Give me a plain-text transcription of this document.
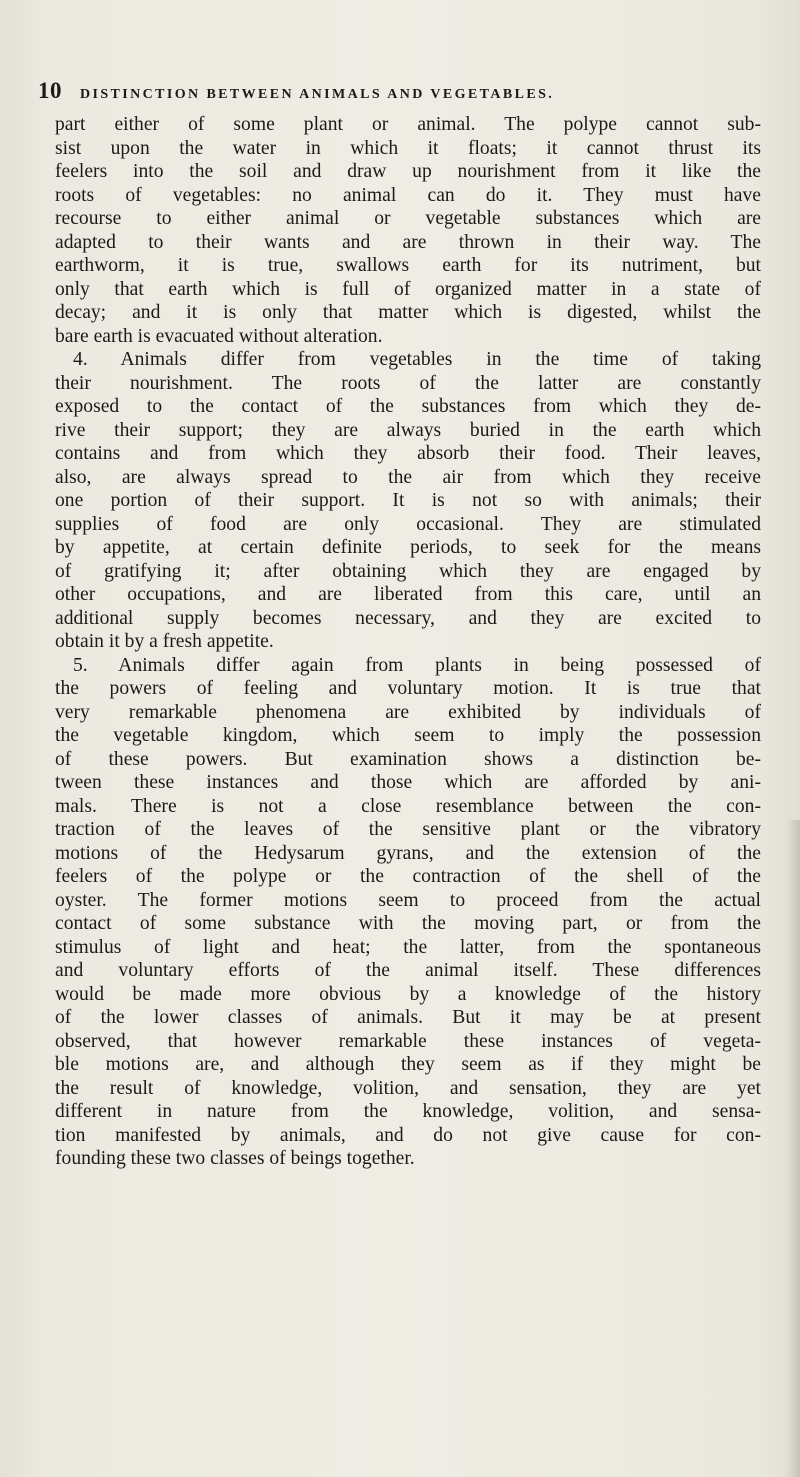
10 DISTINCTION BETWEEN ANIMALS AND VEGETABLES.
part either of some plant or animal. The polype cannot sub-
sist upon the water in which it floats; it cannot thrust its
feelers into the soil and draw up nourishment from it like the
roots of vegetables: no animal can do it. They must have
recourse to either animal or vegetable substances which are
adapted to their wants and are thrown in their way. The
earthworm, it is true, swallows earth for its nutriment, but
only that earth which is full of organized matter in a state of
decay; and it is only that matter which is digested, whilst the
bare earth is evacuated without alteration.
4. Animals differ from vegetables in the time of taking
their nourishment. The roots of the latter are constantly
exposed to the contact of the substances from which they de-
rive their support; they are always buried in the earth which
contains and from which they absorb their food. Their leaves,
also, are always spread to the air from which they receive
one portion of their support. It is not so with animals; their
supplies of food are only occasional. They are stimulated
by appetite, at certain definite periods, to seek for the means
of gratifying it; after obtaining which they are engaged by
other occupations, and are liberated from this care, until an
additional supply becomes necessary, and they are excited to
obtain it by a fresh appetite.
5. Animals differ again from plants in being possessed of
the powers of feeling and voluntary motion. It is true that
very remarkable phenomena are exhibited by individuals of
the vegetable kingdom, which seem to imply the possession
of these powers. But examination shows a distinction be-
tween these instances and those which are afforded by ani-
mals. There is not a close resemblance between the con-
traction of the leaves of the sensitive plant or the vibratory
motions of the Hedysarum gyrans, and the extension of the
feelers of the polype or the contraction of the shell of the
oyster. The former motions seem to proceed from the actual
contact of some substance with the moving part, or from the
stimulus of light and heat; the latter, from the spontaneous
and voluntary efforts of the animal itself. These differences
would be made more obvious by a knowledge of the history
of the lower classes of animals. But it may be at present
observed, that however remarkable these instances of vegeta-
ble motions are, and although they seem as if they might be
the result of knowledge, volition, and sensation, they are yet
different in nature from the knowledge, volition, and sensa-
tion manifested by animals, and do not give cause for con-
founding these two classes of beings together.
